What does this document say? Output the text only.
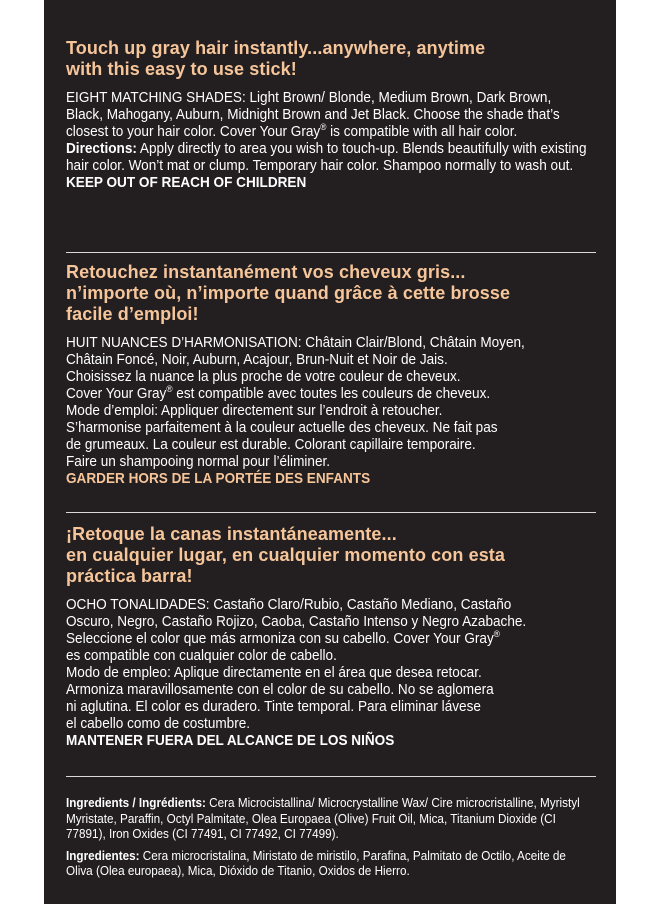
Touch up gray hair instantly...anywhere, anytime
with this easy to use stick!

EIGHT MATCHING SHADES: Light Brown/ Blonde, Medium Brown, Dark Brown, Black, Mahogany, Auburn, Midnight Brown and Jet Black. Choose the shade that’s closest to your hair color. Cover Your Gray® is compatible with all hair color.

Directions: Apply directly to area you wish to touch-up. Blends beautifully with existing hair color. Won’t mat or clump. Temporary hair color. Shampoo normally to wash out.

KEEP OUT OF REACH OF CHILDREN

Retouchez instantanément vos cheveux gris...
n’importe où, n’importe quand grâce à cette brosse
facile d’emploi!

HUIT NUANCES D’HARMONISATION: Châtain Clair/Blond, Châtain Moyen,

Châtain Foncé, Noir, Auburn, Acajour, Brun-Nuit et Noir de Jais.

Choisissez la nuance la plus proche de votre couleur de cheveux.

Cover Your Gray® est compatible avec toutes les couleurs de cheveux.

Mode d’emploi: Appliquer directement sur l’endroit à retoucher.

S’harmonise parfaitement à la couleur actuelle des cheveux. Ne fait pas

de grumeaux. La couleur est durable. Colorant capillaire temporaire.

Faire un shampooing normal pour l’éliminer.

GARDER HORS DE LA PORTÉE DES ENFANTS

¡Retoque la canas instantáneamente...
en cualquier lugar, en cualquier momento con esta
práctica barra!

OCHO TONALIDADES: Castaño Claro/Rubio, Castaño Mediano, Castaño

Oscuro, Negro, Castaño Rojizo, Caoba, Castaño Intenso y Negro Azabache.

Seleccione el color que más armoniza con su cabello. Cover Your Gray®

es compatible con cualquier color de cabello.

Modo de empleo: Aplique directamente en el área que desea retocar.

Armoniza maravillosamente con el color de su cabello. No se aglomera

ni aglutina. El color es duradero. Tinte temporal. Para eliminar lávese

el cabello como de costumbre.

MANTENER FUERA DEL ALCANCE DE LOS NIÑOS

Ingredients / Ingrédients: Cera Microcistallina/ Microcrystalline Wax/ Cire microcristalline, Myristyl Myristate, Paraffin, Octyl Palmitate, Olea Europaea (Olive) Fruit Oil, Mica, Titanium Dioxide (CI 77891), Iron Oxides (CI 77491, CI 77492, CI 77499).

Ingredientes: Cera microcristalina, Miristato de miristilo, Parafina, Palmitato de Octilo, Aceite de Oliva (Olea europaea), Mica, Dióxido de Titanio, Oxidos de Hierro.
